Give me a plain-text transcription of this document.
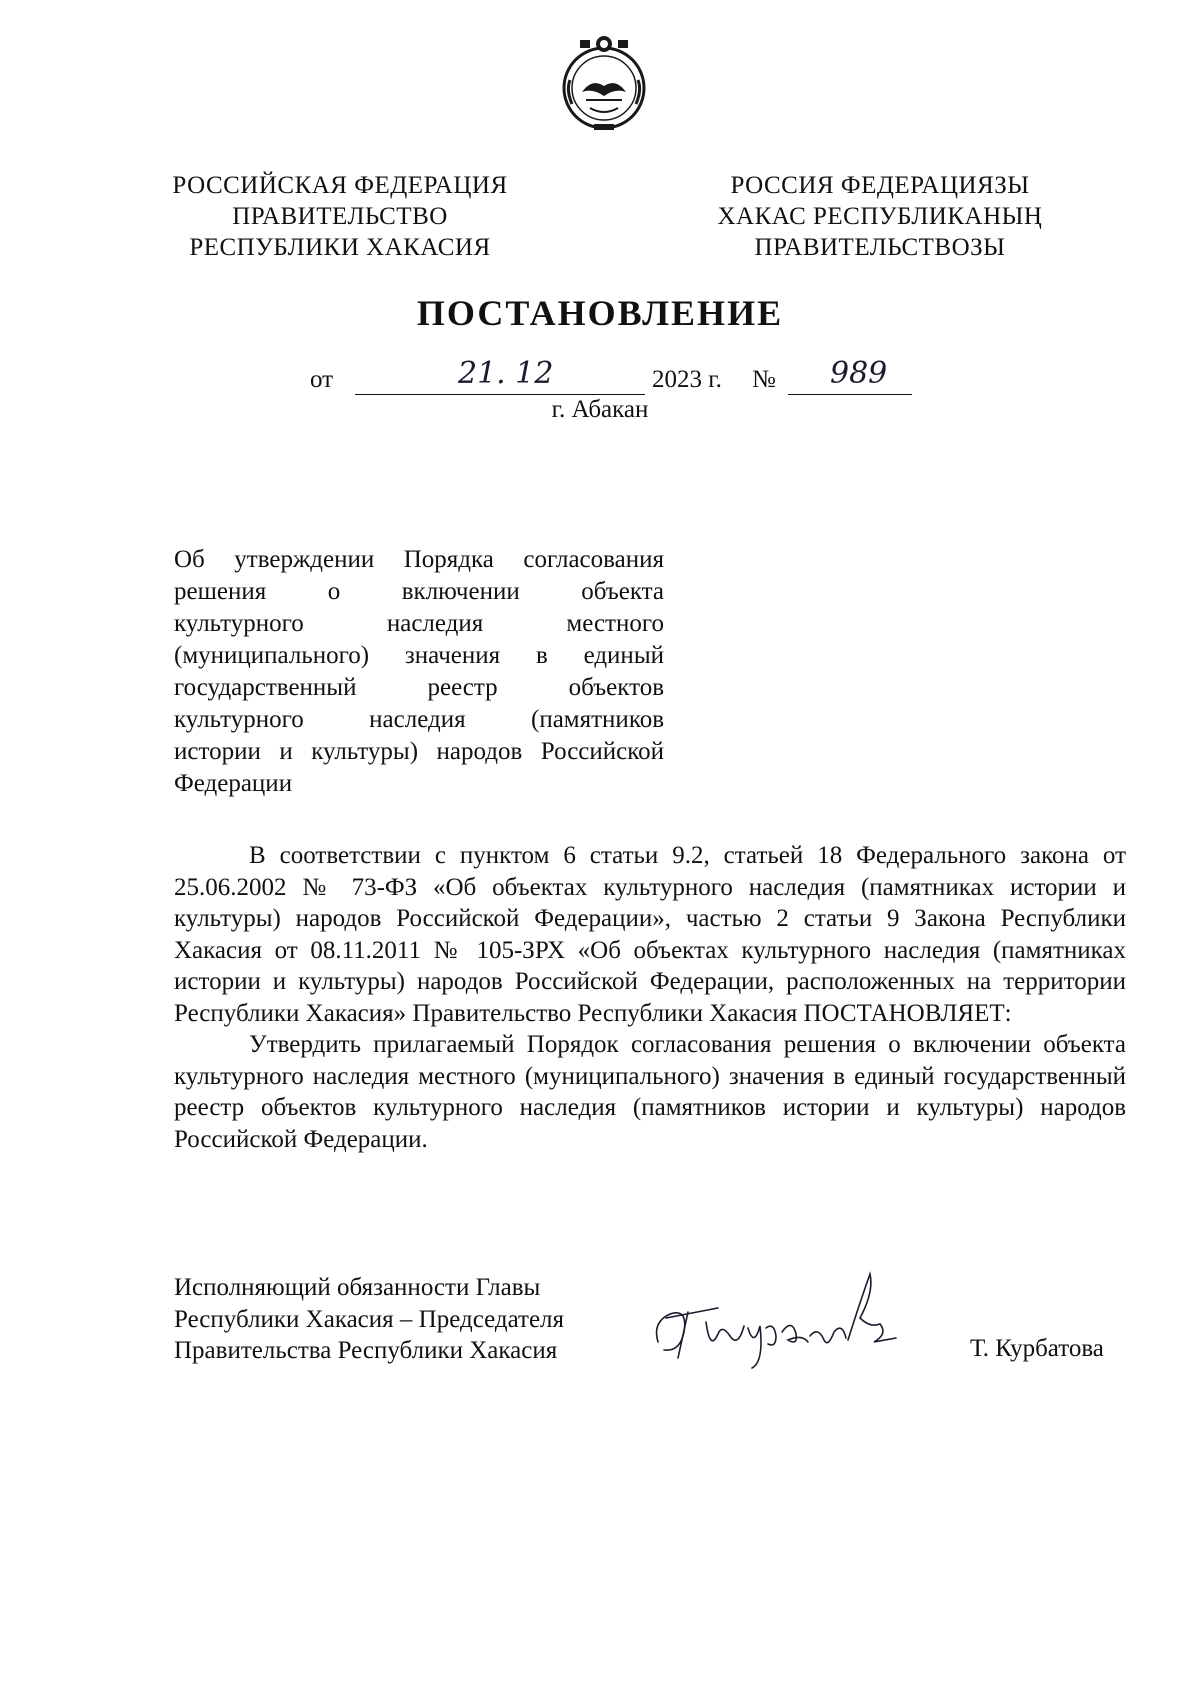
РОССИЙСКАЯ ФЕДЕРАЦИЯ
ПРАВИТЕЛЬСТВО
РЕСПУБЛИКИ ХАКАСИЯ
РОССИЯ ФЕДЕРАЦИЯЗЫ
ХАКАС РЕСПУБЛИКАНЫҢ
ПРАВИТЕЛЬСТВОЗЫ
ПОСТАНОВЛЕНИЕ
от	21. 12	2023 г. № 989
г. Абакан
Об утверждении Порядка согласования
решения о включении объекта
культурного наследия местного
(муниципального) значения в единый
государственный реестр объектов
культурного наследия (памятников
истории и культуры) народов Российской
Федерации

В соответствии с пунктом 6 статьи 9.2, статьей 18 Федерального закона от 25.06.2002 № 73-ФЗ «Об объектах культурного наследия (памятниках истории и культуры) народов Российской Федерации», частью 2 статьи 9 Закона Республики Хакасия от 08.11.2011 № 105-ЗРХ «Об объектах культурного наследия (памятниках истории и культуры) народов Российской Федерации, расположенных на территории Республики Хакасия» Правительство Республики Хакасия ПОСТАНОВЛЯЕТ:

Утвердить прилагаемый Порядок согласования решения о включении объекта культурного наследия местного (муниципального) значения в единый государственный реестр объектов культурного наследия (памятников истории и культуры) народов Российской Федерации.

Исполняющий обязанности Главы
Республики Хакасия – Председателя
Правительства Республики Хакасия	Т. Курбатова
